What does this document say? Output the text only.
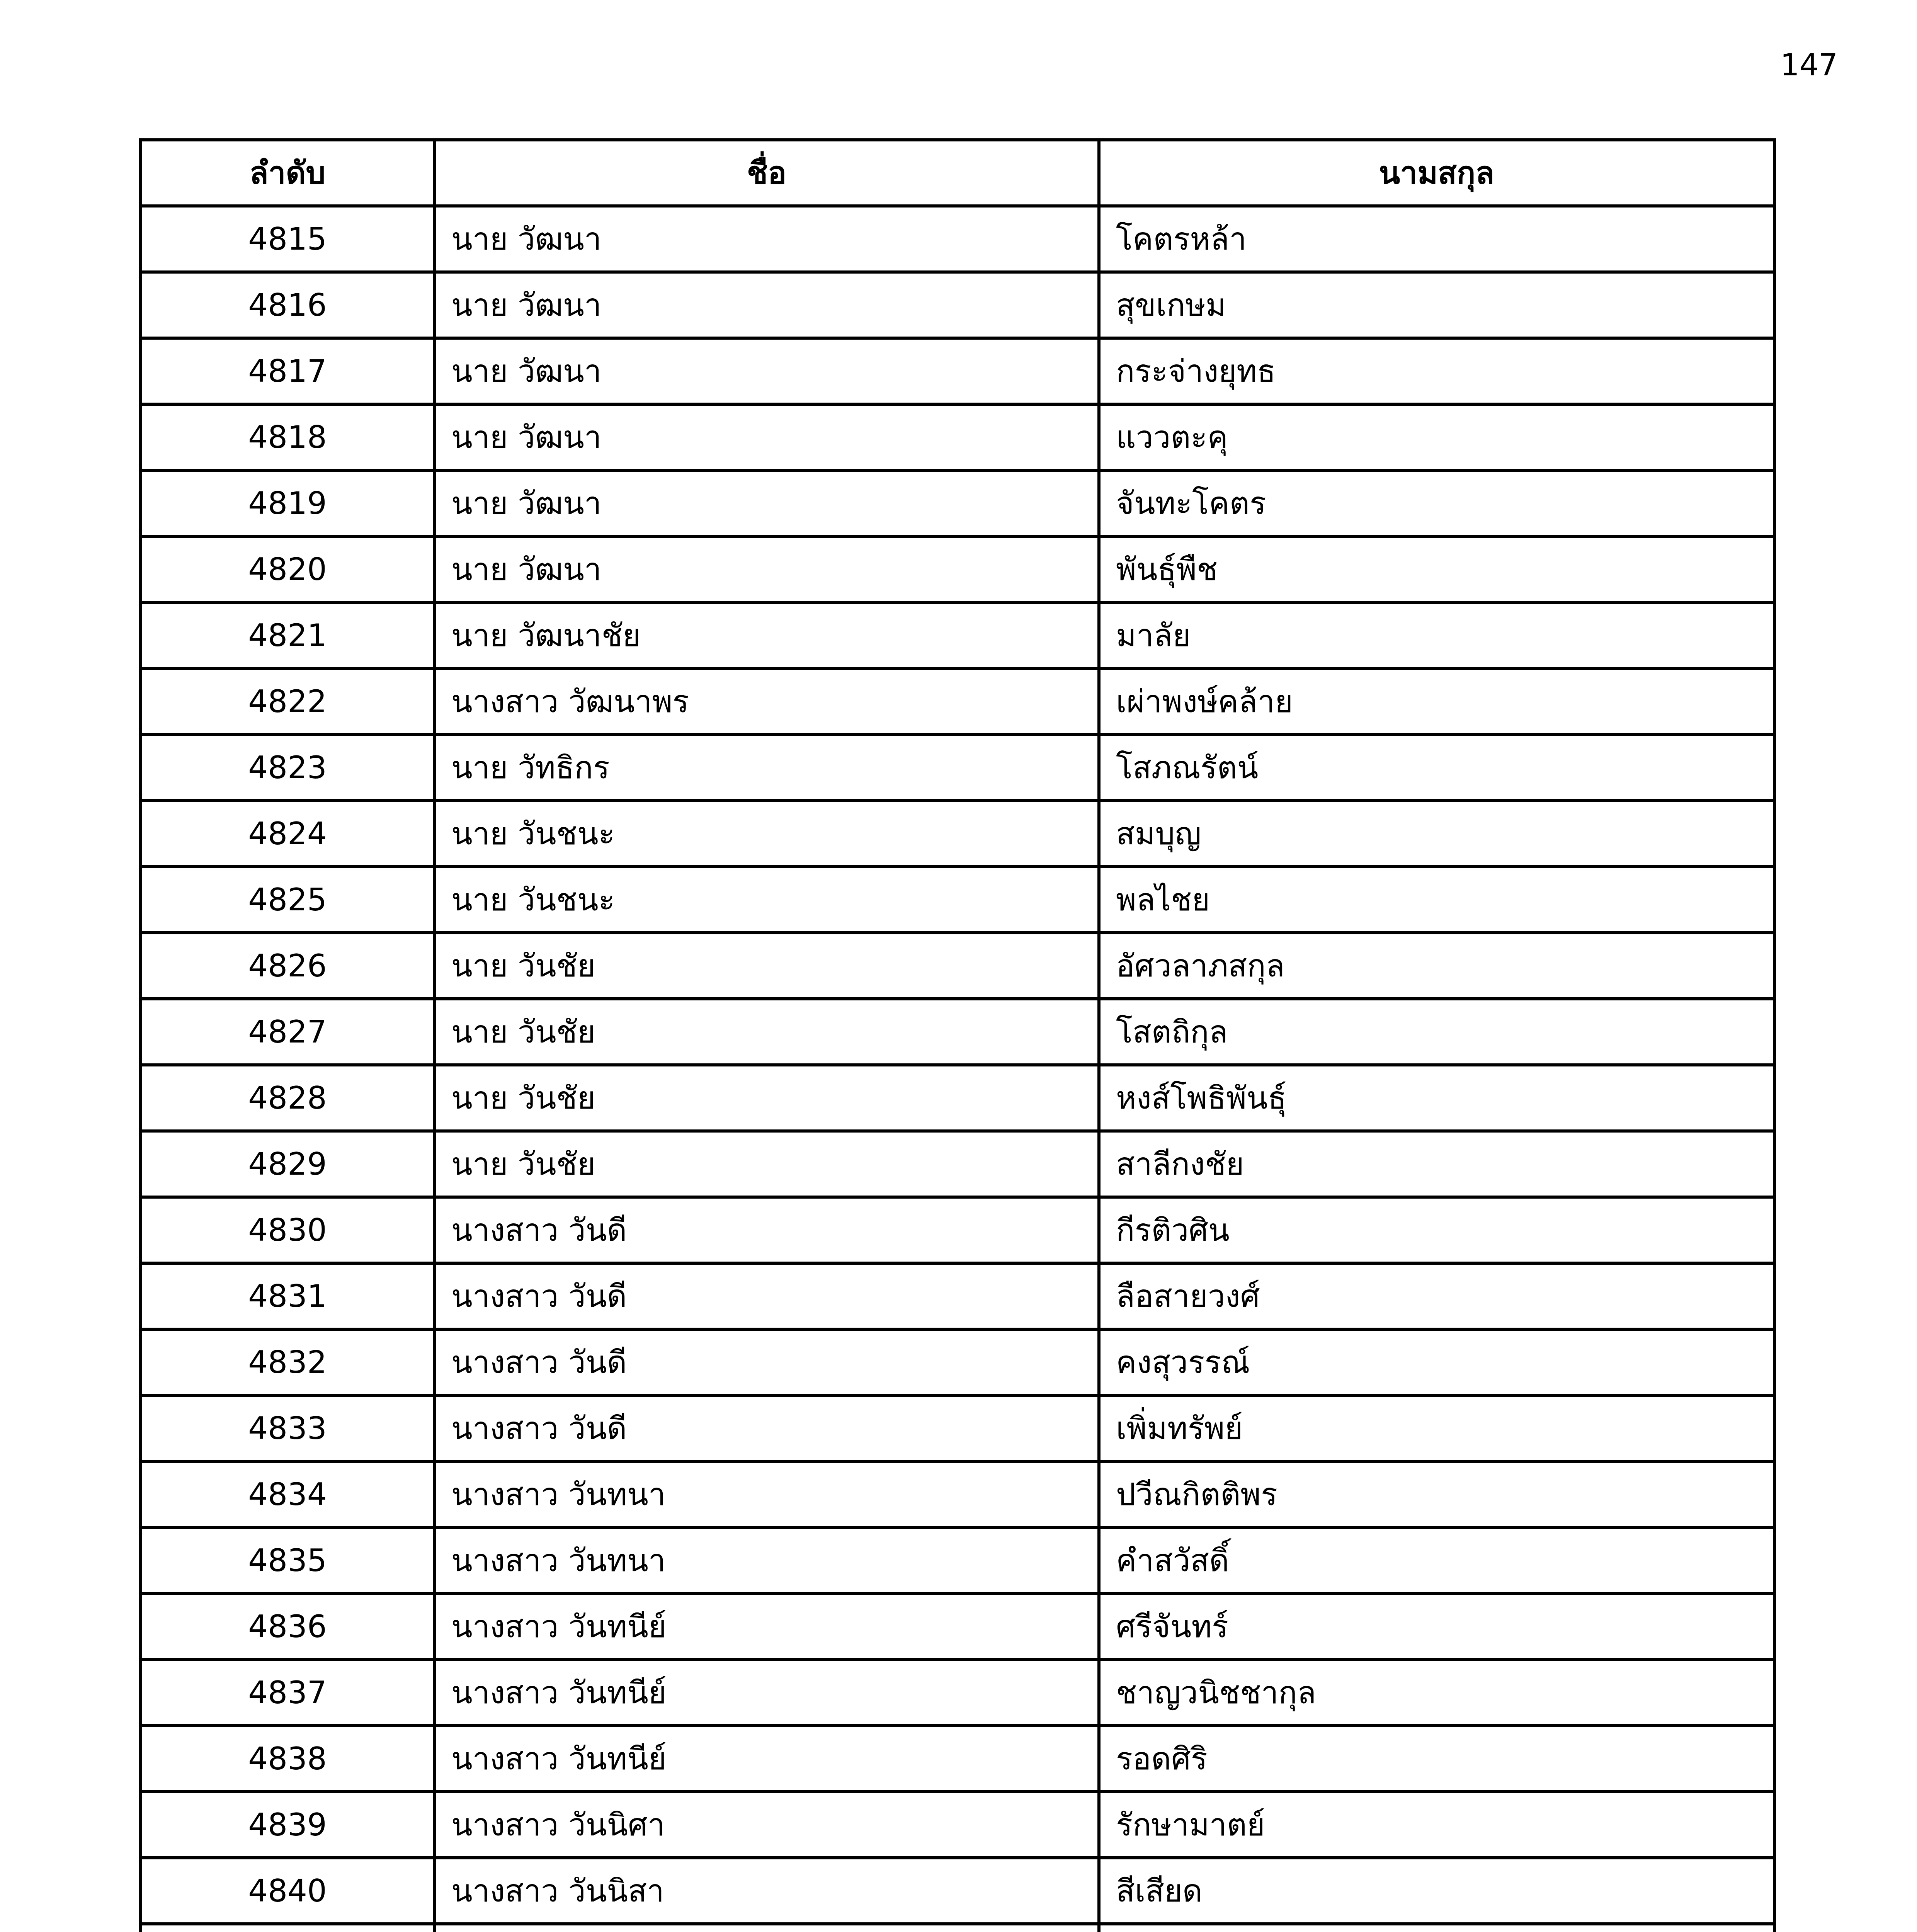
147
ลำดับ	ชื่อ	นามสกุล
4815	นาย วัฒนา	โคตรหล้า
4816	นาย วัฒนา	สุขเกษม
4817	นาย วัฒนา	กระจ่างยุทธ
4818	นาย วัฒนา	แววตะคุ
4819	นาย วัฒนา	จันทะโคตร
4820	นาย วัฒนา	พันธุ์พืช
4821	นาย วัฒนาชัย	มาลัย
4822	นางสาว วัฒนาพร	เผ่าพงษ์คล้าย
4823	นาย วัทธิกร	โสภณรัตน์
4824	นาย วันชนะ	สมบุญ
4825	นาย วันชนะ	พลไชย
4826	นาย วันชัย	อัศวลาภสกุล
4827	นาย วันชัย	โสตถิกุล
4828	นาย วันชัย	หงส์โพธิพันธุ์
4829	นาย วันชัย	สาลีกงชัย
4830	นางสาว วันดี	กีรติวศิน
4831	นางสาว วันดี	ลือสายวงศ์
4832	นางสาว วันดี	คงสุวรรณ์
4833	นางสาว วันดี	เพิ่มทรัพย์
4834	นางสาว วันทนา	ปวีณกิตติพร
4835	นางสาว วันทนา	คำสวัสดิ์
4836	นางสาว วันทนีย์	ศรีจันทร์
4837	นางสาว วันทนีย์	ชาญวนิชชากุล
4838	นางสาว วันทนีย์	รอดศิริ
4839	นางสาว วันนิศา	รักษามาตย์
4840	นางสาว วันนิสา	สีเสียด
